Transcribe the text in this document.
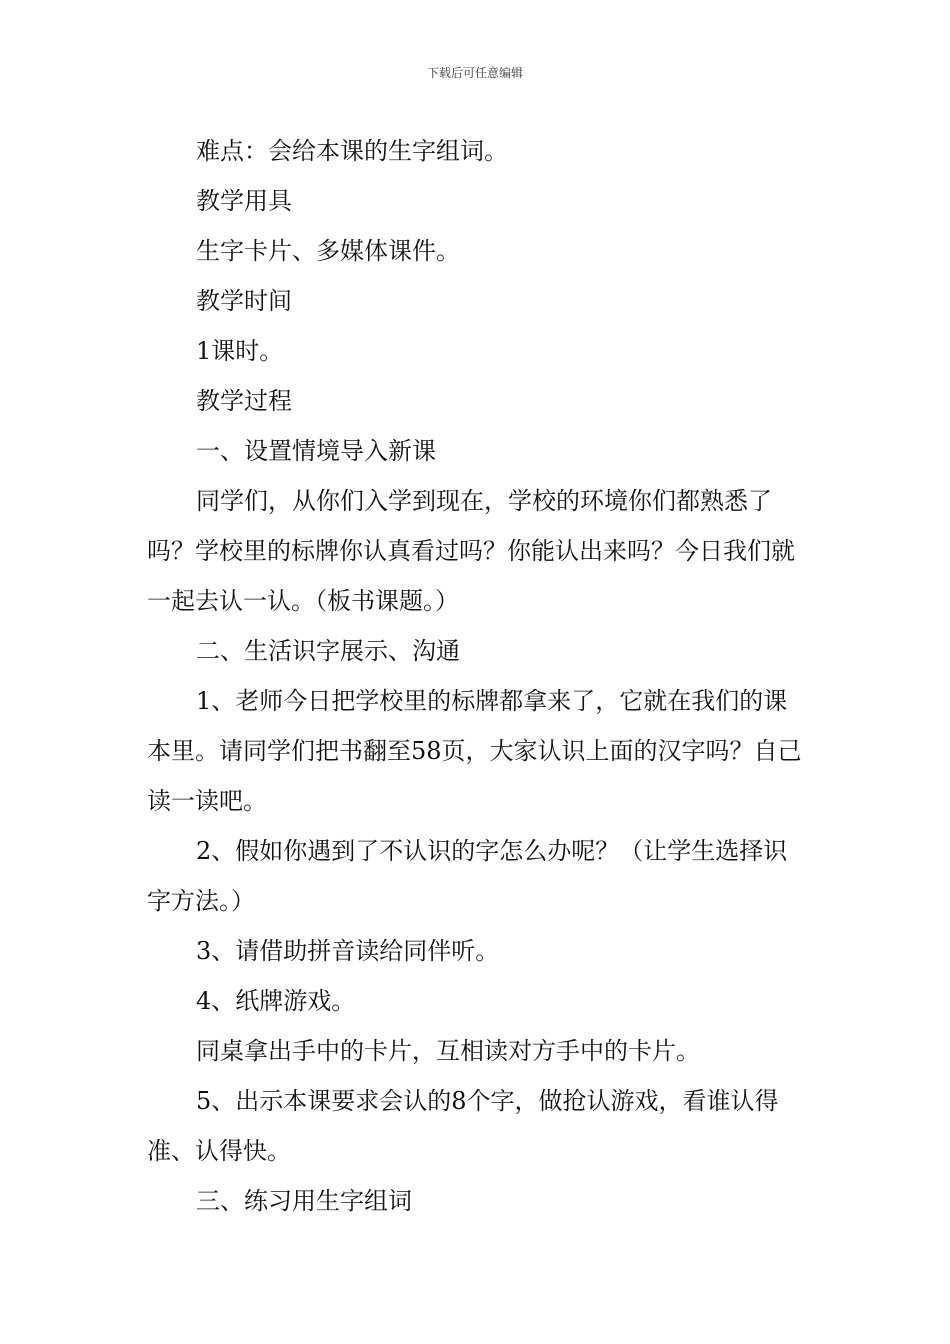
下载后可任意编辑

难点：会给本课的生字组词。

教学用具

生字卡片、多媒体课件。

教学时间

1课时。

教学过程

一、设置情境导入新课

同学们，从你们入学到现在，学校的环境你们都熟悉了吗？学校里的标牌你认真看过吗？你能认出来吗？今日我们就一起去认一认。（板书课题。）

二、生活识字展示、沟通

1、老师今日把学校里的标牌都拿来了，它就在我们的课本里。请同学们把书翻至58页，大家认识上面的汉字吗？自己读一读吧。

2、假如你遇到了不认识的字怎么办呢？（让学生选择识字方法。）

3、请借助拼音读给同伴听。

4、纸牌游戏。

同桌拿出手中的卡片，互相读对方手中的卡片。

5、出示本课要求会认的8个字，做抢认游戏，看谁认得准、认得快。

三、练习用生字组词
